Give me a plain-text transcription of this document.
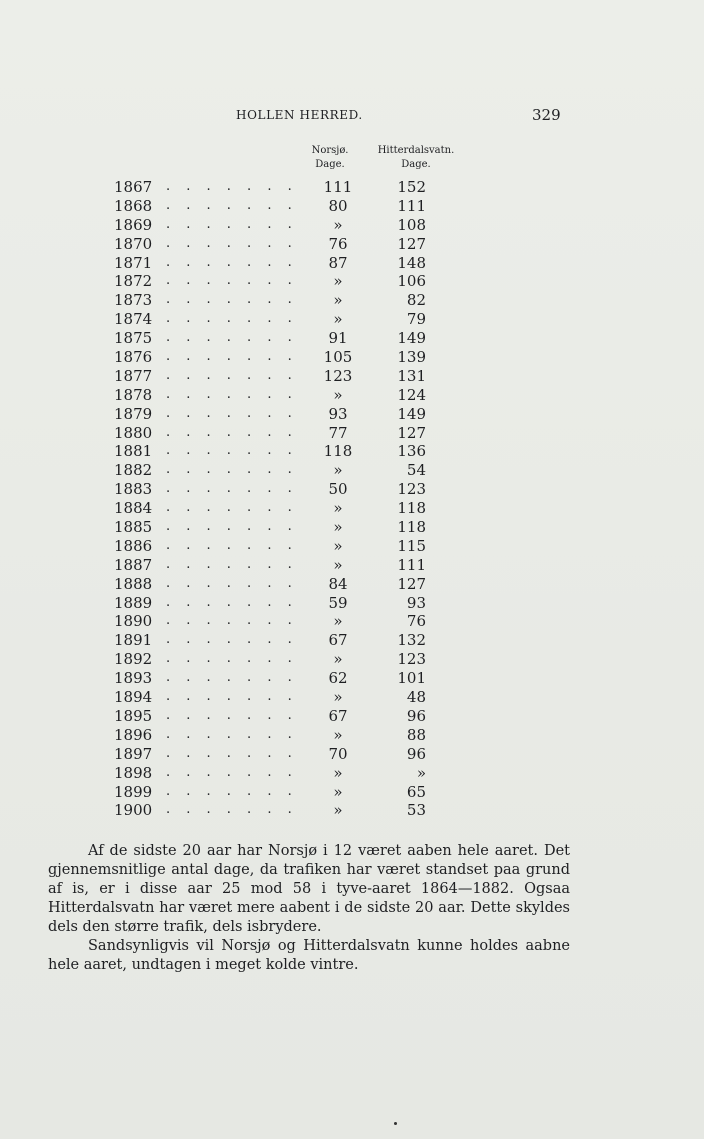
HOLLEN HERRED.	329
Norsjø.
Dage.
Hitterdalsvatn.
Dage.
1867 . . . . . . .	111	152
1868 . . . . . . .	80	111
1869 . . . . . . .	»	108
1870 . . . . . . .	76	127
1871 . . . . . . .	87	148
1872 . . . . . . .	»	106
1873 . . . . . . .	»	82
1874 . . . . . . .	»	79
1875 . . . . . . .	91	149
1876 . . . . . . .	105	139
1877 . . . . . . .	123	131
1878 . . . . . . .	»	124
1879 . . . . . . .	93	149
1880 . . . . . . .	77	127
1881 . . . . . . .	118	136
1882 . . . . . . .	»	54
1883 . . . . . . .	50	123
1884 . . . . . . .	»	118
1885 . . . . . . .	»	118
1886 . . . . . . .	»	115
1887 . . . . . . .	»	111
1888 . . . . . . .	84	127
1889 . . . . . . .	59	93
1890 . . . . . . .	»	76
1891 . . . . . . .	67	132
1892 . . . . . . .	»	123
1893 . . . . . . .	62	101
1894 . . . . . . .	»	48
1895 . . . . . . .	67	96
1896 . . . . . . .	»	88
1897 . . . . . . .	70	96
1898 . . . . . . .	»	»
1899 . . . . . . .	»	65
1900 . . . . . . .	»	53

Af de sidste 20 aar har Norsjø i 12 været aaben hele aaret. Det gjennemsnitlige antal dage, da trafiken har været standset paa grund af is, er i disse aar 25 mod 58 i tyve-aaret 1864—1882. Ogsaa Hitterdalsvatn har været mere aabent i de sidste 20 aar. Dette skyldes dels den større trafik, dels isbrydere.

Sandsynligvis vil Norsjø og Hitterdalsvatn kunne holdes aabne hele aaret, undtagen i meget kolde vintre.
